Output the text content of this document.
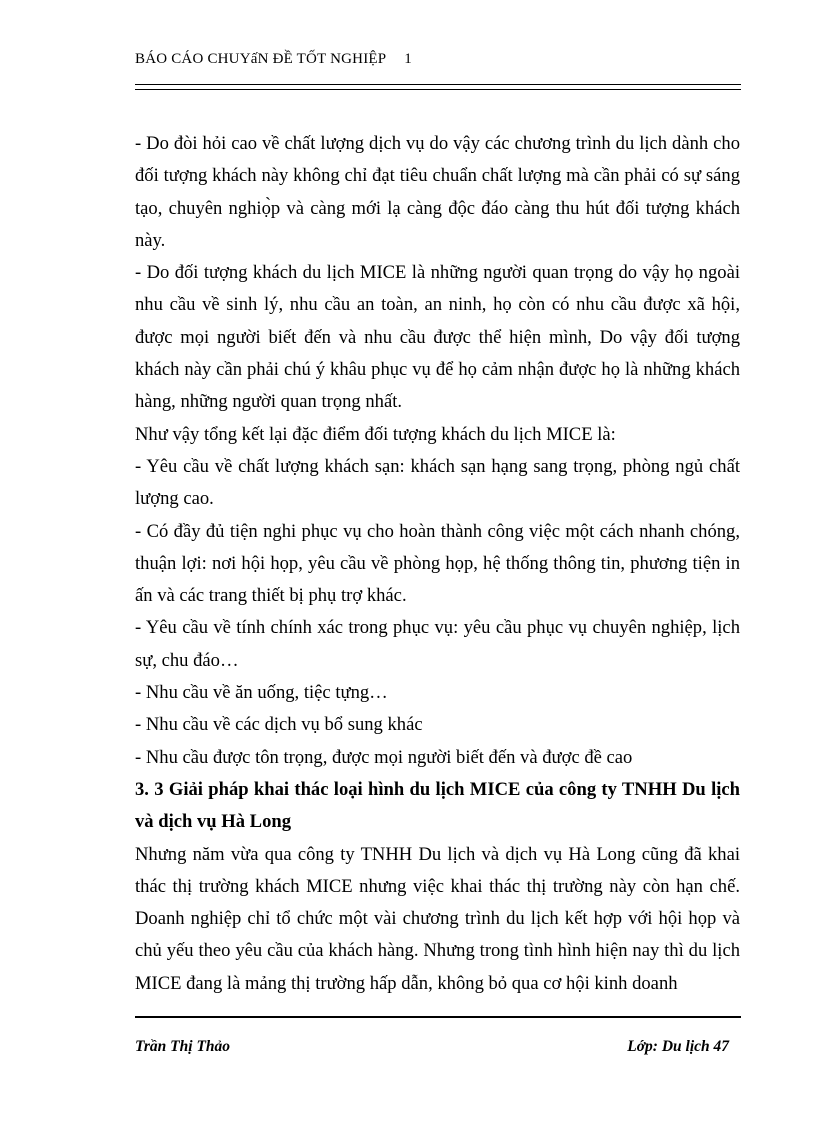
BÁO CÁO CHUYấN ĐỀ TỐT NGHIỆP 1

- Do đòi hỏi cao về chất lượng dịch vụ do vậy các chương trình du lịch dành cho đối tượng khách này không chỉ đạt tiêu chuẩn chất lượng mà cần phải có sự sáng tạo, chuyên nghiọ̀p và càng mới lạ càng độc đáo càng thu hút đối tượng khách này.

- Do đối tượng khách du lịch MICE là những người quan trọng do vậy họ ngoài nhu cầu về sinh lý, nhu cầu an toàn, an ninh, họ còn có nhu cầu được xã hội, được mọi người biết đến và nhu cầu được thể hiện mình, Do vậy đối tượng khách này cần phải chú ý khâu phục vụ để họ cảm nhận được họ là những khách hàng, những người quan trọng nhất.

Như vậy tổng kết lại đặc điểm đối tượng khách du lịch MICE là:

- Yêu cầu về chất lượng khách sạn: khách sạn hạng sang trọng, phòng ngủ chất lượng cao.

- Có đầy đủ tiện nghi phục vụ cho hoàn thành công việc một cách nhanh chóng, thuận lợi: nơi hội họp, yêu cầu về phòng họp, hệ thống thông tin, phương tiện in ấn và các trang thiết bị phụ trợ khác.

- Yêu cầu về tính chính xác trong phục vụ: yêu cầu phục vụ chuyên nghiệp, lịch sự, chu đáo…

- Nhu cầu về ăn uống, tiệc tựng…

- Nhu cầu về các dịch vụ bổ sung khác

- Nhu cầu được tôn trọng, được mọi người biết đến và được đề cao

3. 3 Giải pháp khai thác loại hình du lịch MICE của công ty TNHH Du lịch và dịch vụ Hà Long

Nhưng năm vừa qua công ty TNHH Du lịch và dịch vụ Hà Long cũng đã khai thác thị trường khách MICE nhưng việc khai thác thị trường này còn hạn chế. Doanh nghiệp chỉ tổ chức một vài chương trình du lịch kết hợp với hội họp và chủ yếu theo yêu cầu của khách hàng. Nhưng trong tình hình hiện nay thì du lịch MICE đang là mảng thị trường hấp dẫn, không bỏ qua cơ hội kinh doanh

Trần Thị Thảo	Lớp: Du lịch 47
